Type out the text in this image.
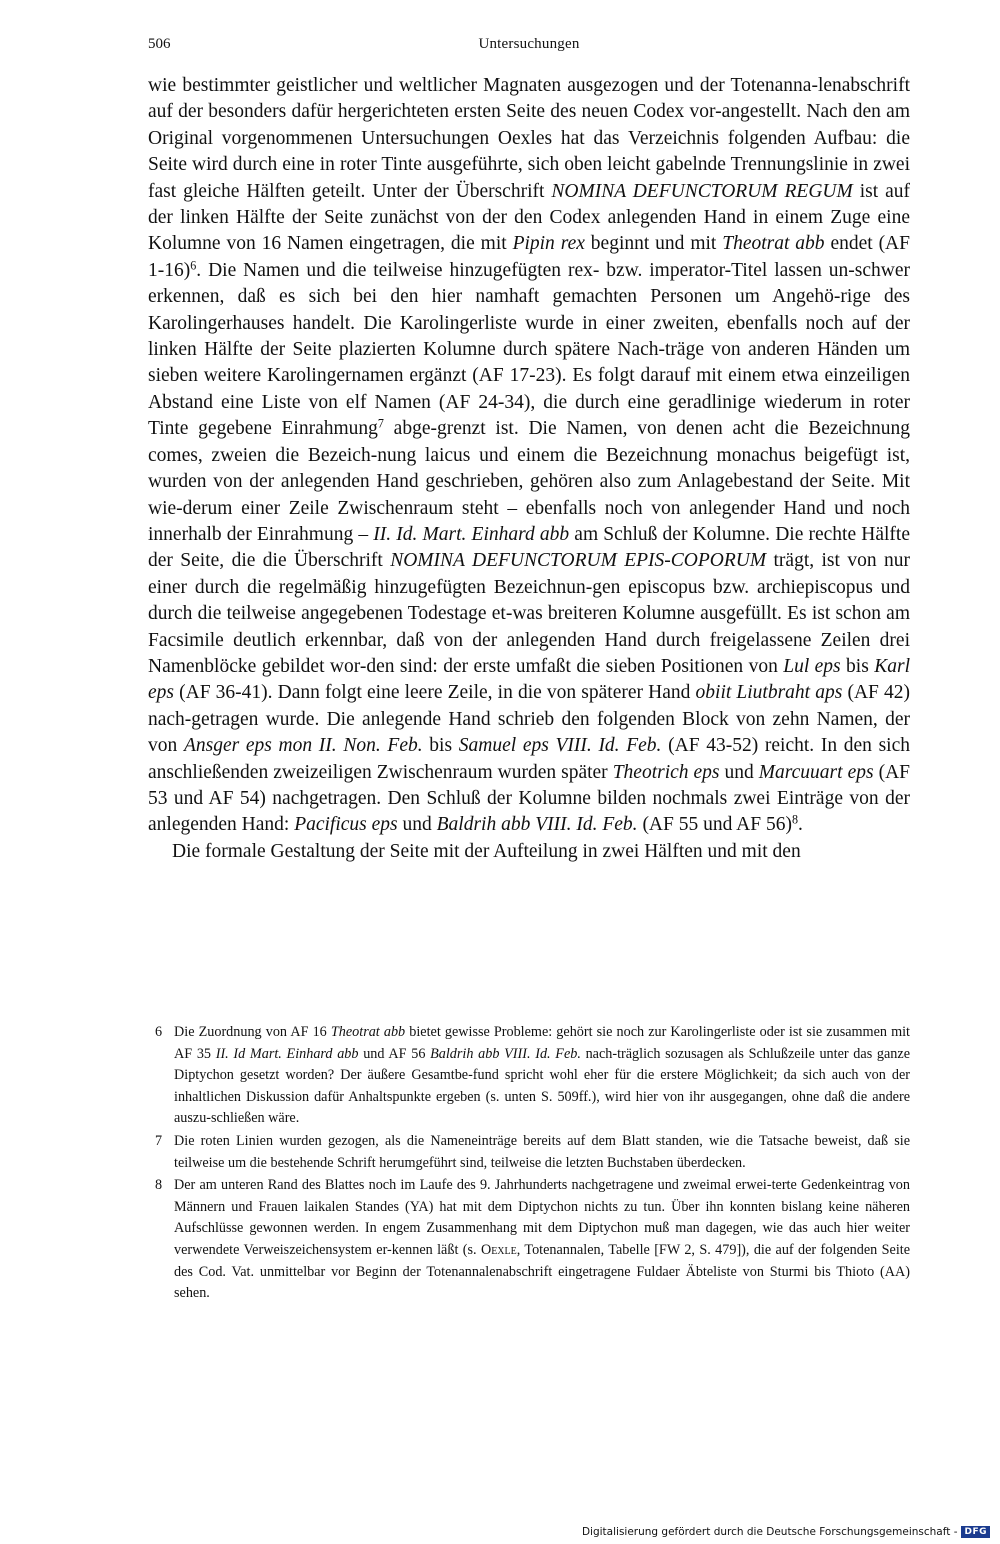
506	Untersuchungen

wie bestimmter geistlicher und weltlicher Magnaten ausgezogen und der Totenanna-lenabschrift auf der besonders dafür hergerichteten ersten Seite des neuen Codex vor-angestellt. Nach den am Original vorgenommenen Untersuchungen Oexles hat das Verzeichnis folgenden Aufbau: die Seite wird durch eine in roter Tinte ausgeführte, sich oben leicht gabelnde Trennungslinie in zwei fast gleiche Hälften geteilt. Unter der Überschrift NOMINA DEFUNCTORUM REGUM ist auf der linken Hälfte der Seite zunächst von der den Codex anlegenden Hand in einem Zuge eine Kolumne von 16 Namen eingetragen, die mit Pipin rex beginnt und mit Theotrat abb endet (AF 1-16)$^6$. Die Namen und die teilweise hinzugefügten rex- bzw. imperator-Titel lassen un-schwer erkennen, daß es sich bei den hier namhaft gemachten Personen um Angehö-rige des Karolingerhauses handelt. Die Karolingerliste wurde in einer zweiten, ebenfalls noch auf der linken Hälfte der Seite plazierten Kolumne durch spätere Nach-träge von anderen Händen um sieben weitere Karolingernamen ergänzt (AF 17-23). Es folgt darauf mit einem etwa einzeiligen Abstand eine Liste von elf Namen (AF 24-34), die durch eine geradlinige wiederum in roter Tinte gegebene Einrahmung$^7$ abge-grenzt ist. Die Namen, von denen acht die Bezeichnung comes, zweien die Bezeich-nung laicus und einem die Bezeichnung monachus beigefügt ist, wurden von der anlegenden Hand geschrieben, gehören also zum Anlagebestand der Seite. Mit wie-derum einer Zeile Zwischenraum steht – ebenfalls noch von anlegender Hand und noch innerhalb der Einrahmung – II. Id. Mart. Einhard abb am Schluß der Kolumne. Die rechte Hälfte der Seite, die die Überschrift NOMINA DEFUNCTORUM EPIS-COPORUM trägt, ist von nur einer durch die regelmäßig hinzugefügten Bezeichnun-gen episcopus bzw. archiepiscopus und durch die teilweise angegebenen Todestage et-was breiteren Kolumne ausgefüllt. Es ist schon am Facsimile deutlich erkennbar, daß von der anlegenden Hand durch freigelassene Zeilen drei Namenblöcke gebildet wor-den sind: der erste umfaßt die sieben Positionen von Lul eps bis Karl eps (AF 36-41). Dann folgt eine leere Zeile, in die von späterer Hand obiit Liutbraht aps (AF 42) nach-getragen wurde. Die anlegende Hand schrieb den folgenden Block von zehn Namen, der von Ansger eps mon II. Non. Feb. bis Samuel eps VIII. Id. Feb. (AF 43-52) reicht. In den sich anschließenden zweizeiligen Zwischenraum wurden später Theotrich eps und Marcuuart eps (AF 53 und AF 54) nachgetragen. Den Schluß der Kolumne bilden nochmals zwei Einträge von der anlegenden Hand: Pacificus eps und Baldrih abb VIII. Id. Feb. (AF 55 und AF 56)$^8$.

Die formale Gestaltung der Seite mit der Aufteilung in zwei Hälften und mit den

6 Die Zuordnung von AF 16 Theotrat abb bietet gewisse Probleme: gehört sie noch zur Karolingerliste oder ist sie zusammen mit AF 35 II. Id Mart. Einhard abb und AF 56 Baldrih abb VIII. Id. Feb. nach-träglich sozusagen als Schlußzeile unter das ganze Diptychon gesetzt worden? Der äußere Gesamtbe-fund spricht wohl eher für die erstere Möglichkeit; da sich auch von der inhaltlichen Diskussion dafür Anhaltspunkte ergeben (s. unten S. 509ff.), wird hier von ihr ausgegangen, ohne daß die andere auszu-schließen wäre.
7 Die roten Linien wurden gezogen, als die Nameneinträge bereits auf dem Blatt standen, wie die Tatsache beweist, daß sie teilweise um die bestehende Schrift herumgeführt sind, teilweise die letzten Buchstaben überdecken.
8 Der am unteren Rand des Blattes noch im Laufe des 9. Jahrhunderts nachgetragene und zweimal erwei-terte Gedenkeintrag von Männern und Frauen laikalen Standes (YA) hat mit dem Diptychon nichts zu tun. Über ihn konnten bislang keine näheren Aufschlüsse gewonnen werden. In engem Zusammenhang mit dem Diptychon muß man dagegen, wie das auch hier weiter verwendete Verweiszeichensystem er-kennen läßt (s. Oexle, Totenannalen, Tabelle [FW 2, S. 479]), die auf der folgenden Seite des Cod. Vat. unmittelbar vor Beginn der Totenannalenabschrift eingetragene Fuldaer Äbteliste von Sturmi bis Thioto (AA) sehen.
Digitalisierung gefördert durch die Deutsche Forschungsgemeinschaft - DFG
